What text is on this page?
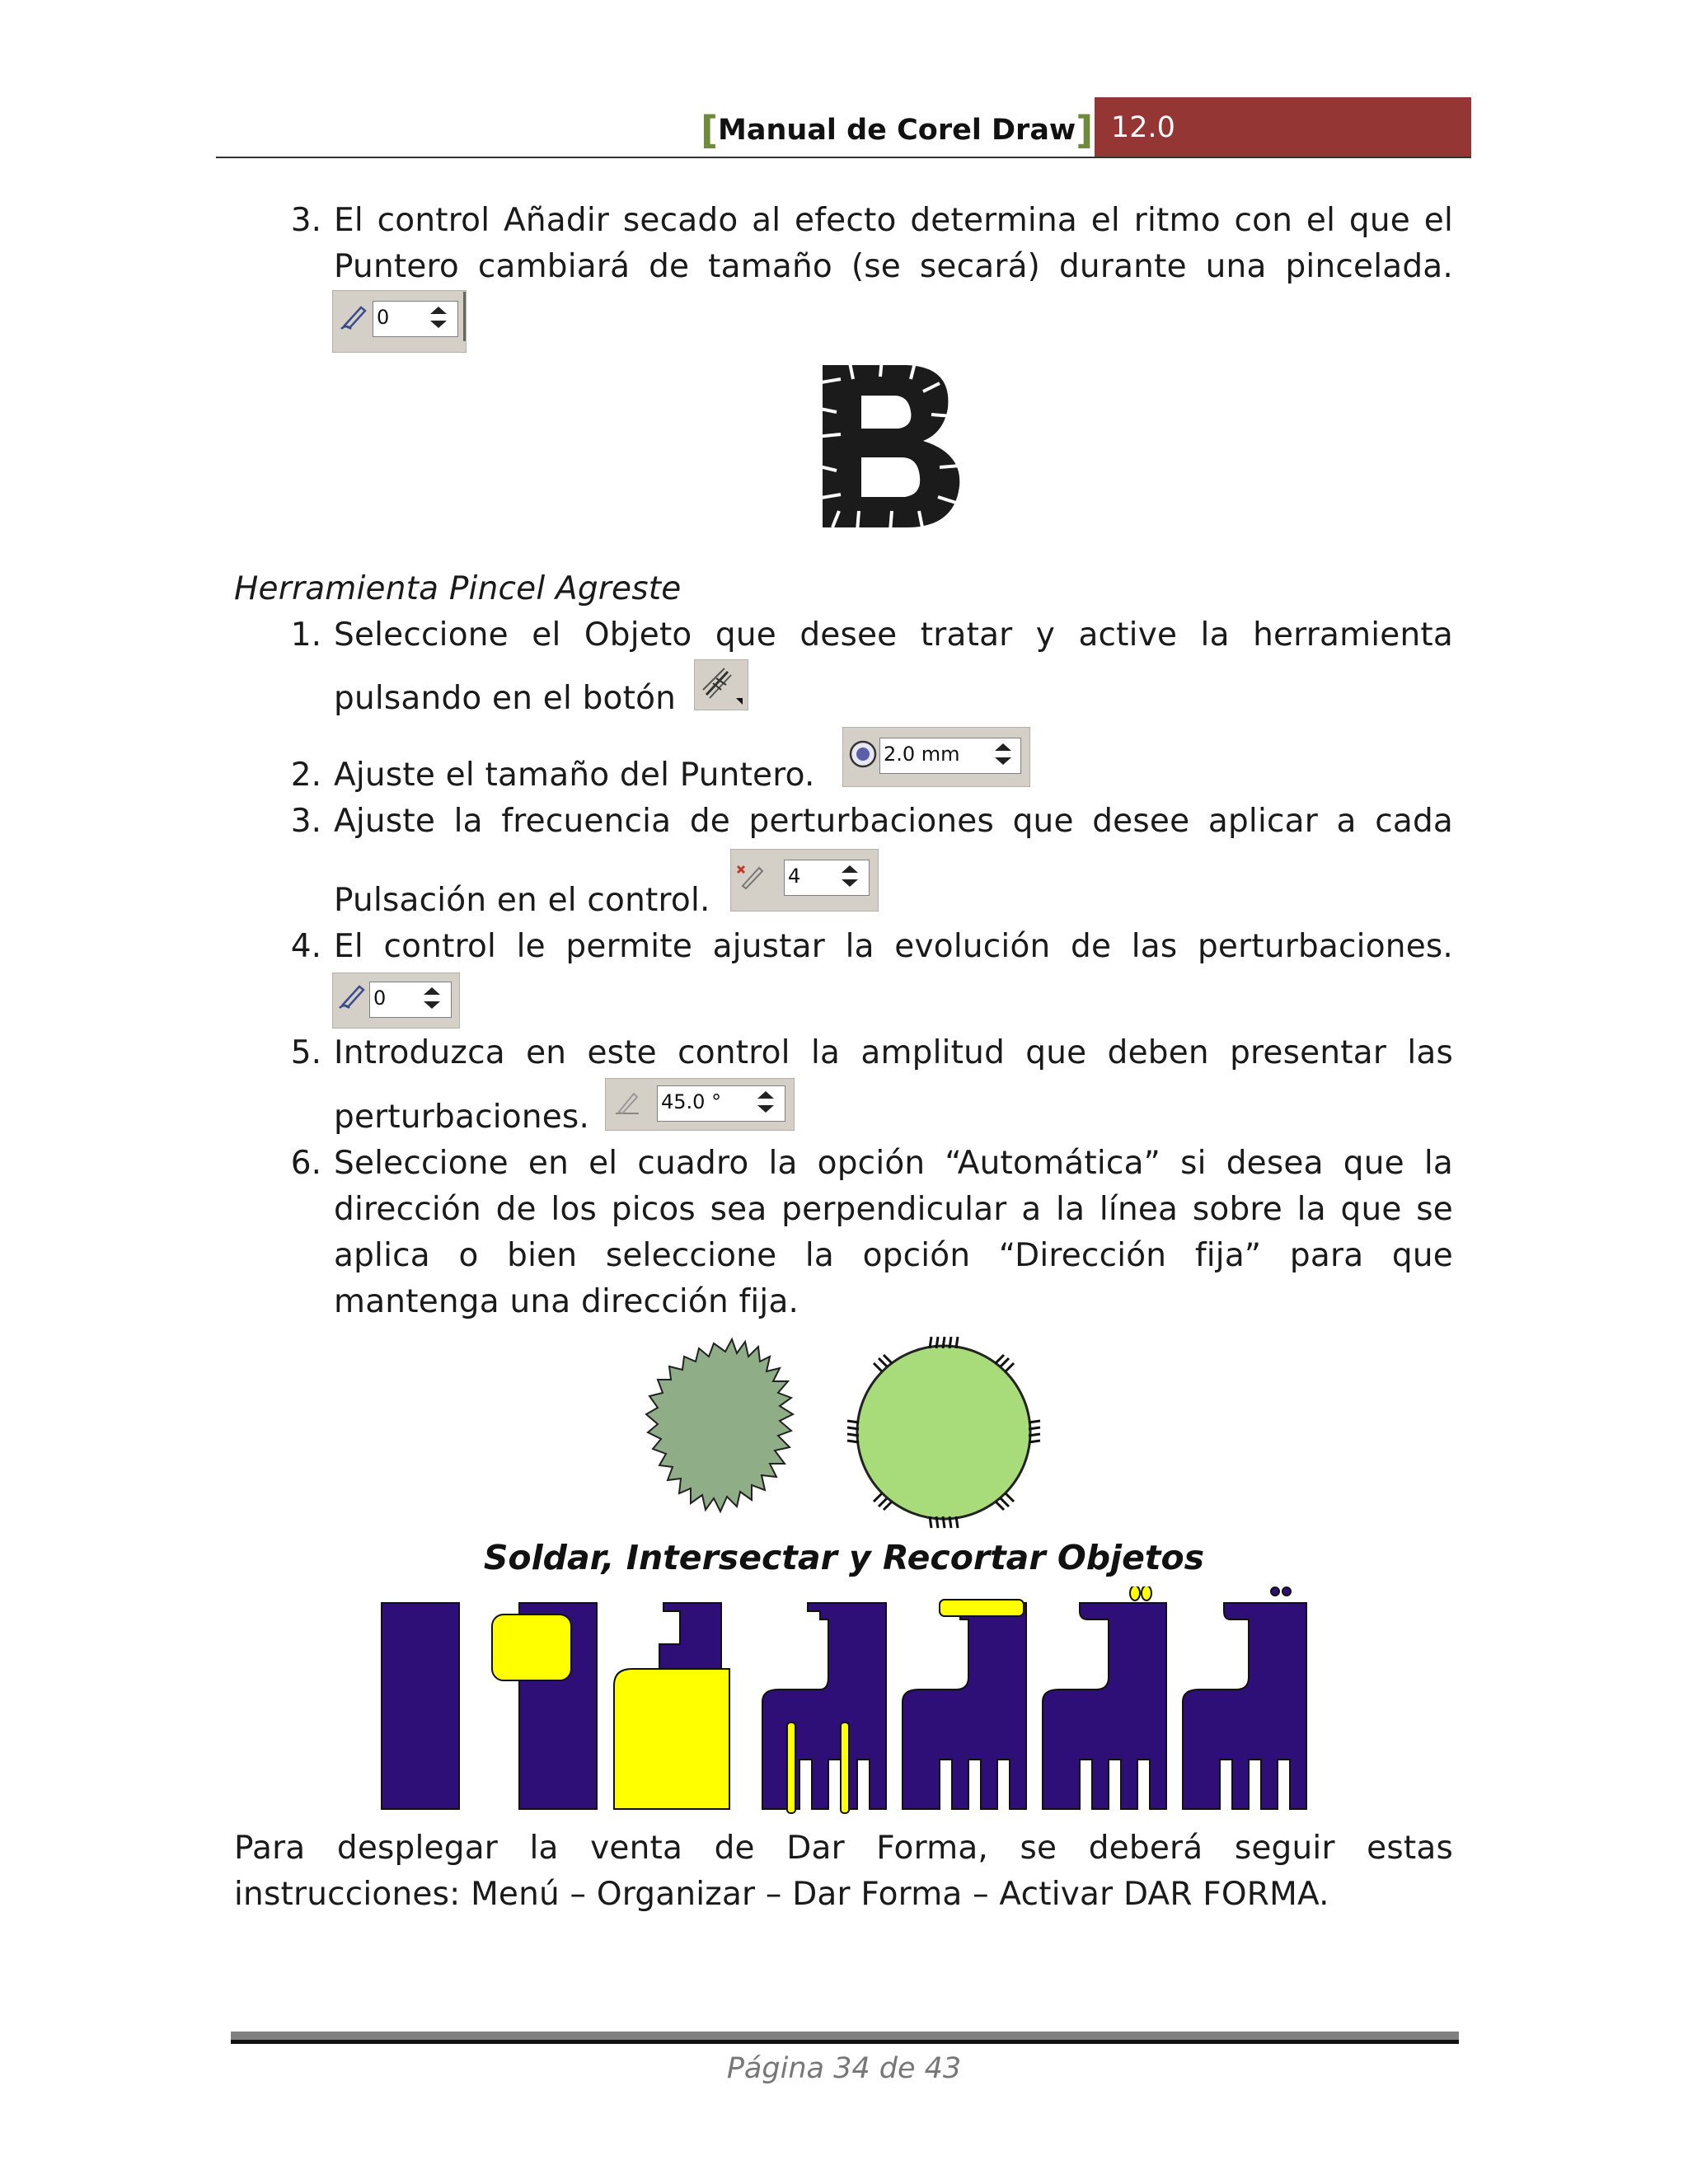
[ Manual de Corel Draw ] 12.0
3. El control Añadir secado al efecto determina el ritmo con el que el
Puntero cambiará de tamaño (se secará) durante una pincelada.
0
Herramienta Pincel Agreste
1. Seleccione el Objeto que desee tratar y active la herramienta
pulsando en el botón
2. Ajuste el tamaño del Puntero.
2.0 mm
3. Ajuste la frecuencia de perturbaciones que desee aplicar a cada
Pulsación en el control.
4
4. El control le permite ajustar la evolución de las perturbaciones.
0
5. Introduzca en este control la amplitud que deben presentar las
perturbaciones.	45.0 °
6. Seleccione en el cuadro la opción “Automática” si desea que la
dirección de los picos sea perpendicular a la línea sobre la que se
aplica o bien seleccione la opción “Dirección fija” para que
mantenga una dirección fija.
Soldar, Intersectar y Recortar Objetos
Para desplegar la venta de Dar Forma, se deberá seguir estas
instrucciones: Menú – Organizar – Dar Forma – Activar DAR FORMA.
Página 34 de 43
